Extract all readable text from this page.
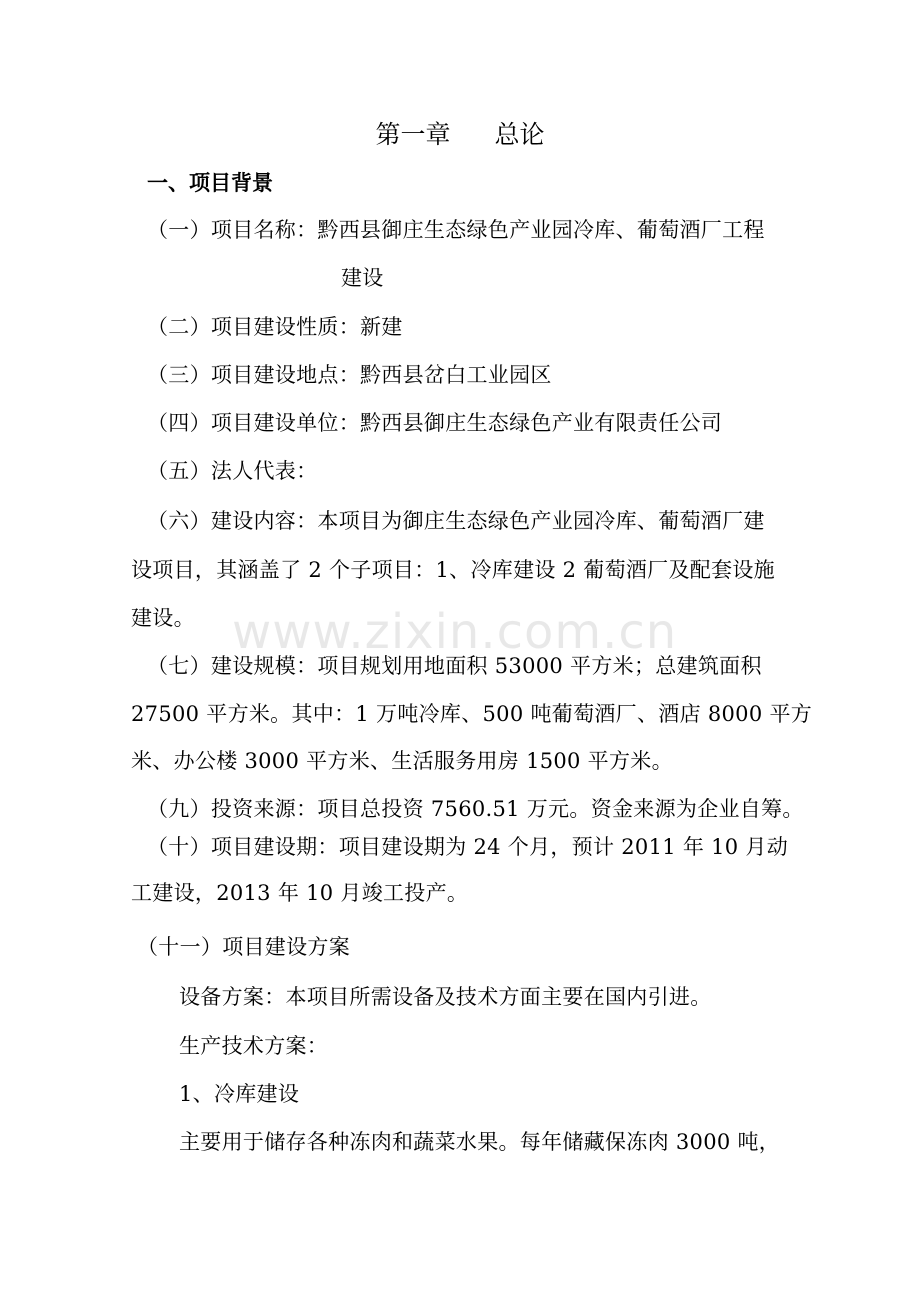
第一章 总论
一、项目背景
（一）项目名称：黔西县御庄生态绿色产业园冷库、葡萄酒厂工程
建设
（二）项目建设性质：新建
（三）项目建设地点：黔西县岔白工业园区
（四）项目建设单位：黔西县御庄生态绿色产业有限责任公司
（五）法人代表：
（六）建设内容：本项目为御庄生态绿色产业园冷库、葡萄酒厂建
设项目，其涵盖了 2 个子项目：1、冷库建设 2 葡萄酒厂及配套设施
建设。
（七）建设规模：项目规划用地面积 53000 平方米；总建筑面积
27500 平方米。其中：1 万吨冷库、500 吨葡萄酒厂、酒店 8000 平方
米、办公楼 3000 平方米、生活服务用房 1500 平方米。
（九）投资来源：项目总投资 7560.51 万元。资金来源为企业自筹。
（十）项目建设期：项目建设期为 24 个月，预计 2011 年 10 月动
工建设，2013 年 10 月竣工投产。
（十一）项目建设方案
设备方案：本项目所需设备及技术方面主要在国内引进。
生产技术方案：
1、冷库建设
主要用于储存各种冻肉和蔬菜水果。每年储藏保冻肉 3000 吨，
www.zixin.com.cn
